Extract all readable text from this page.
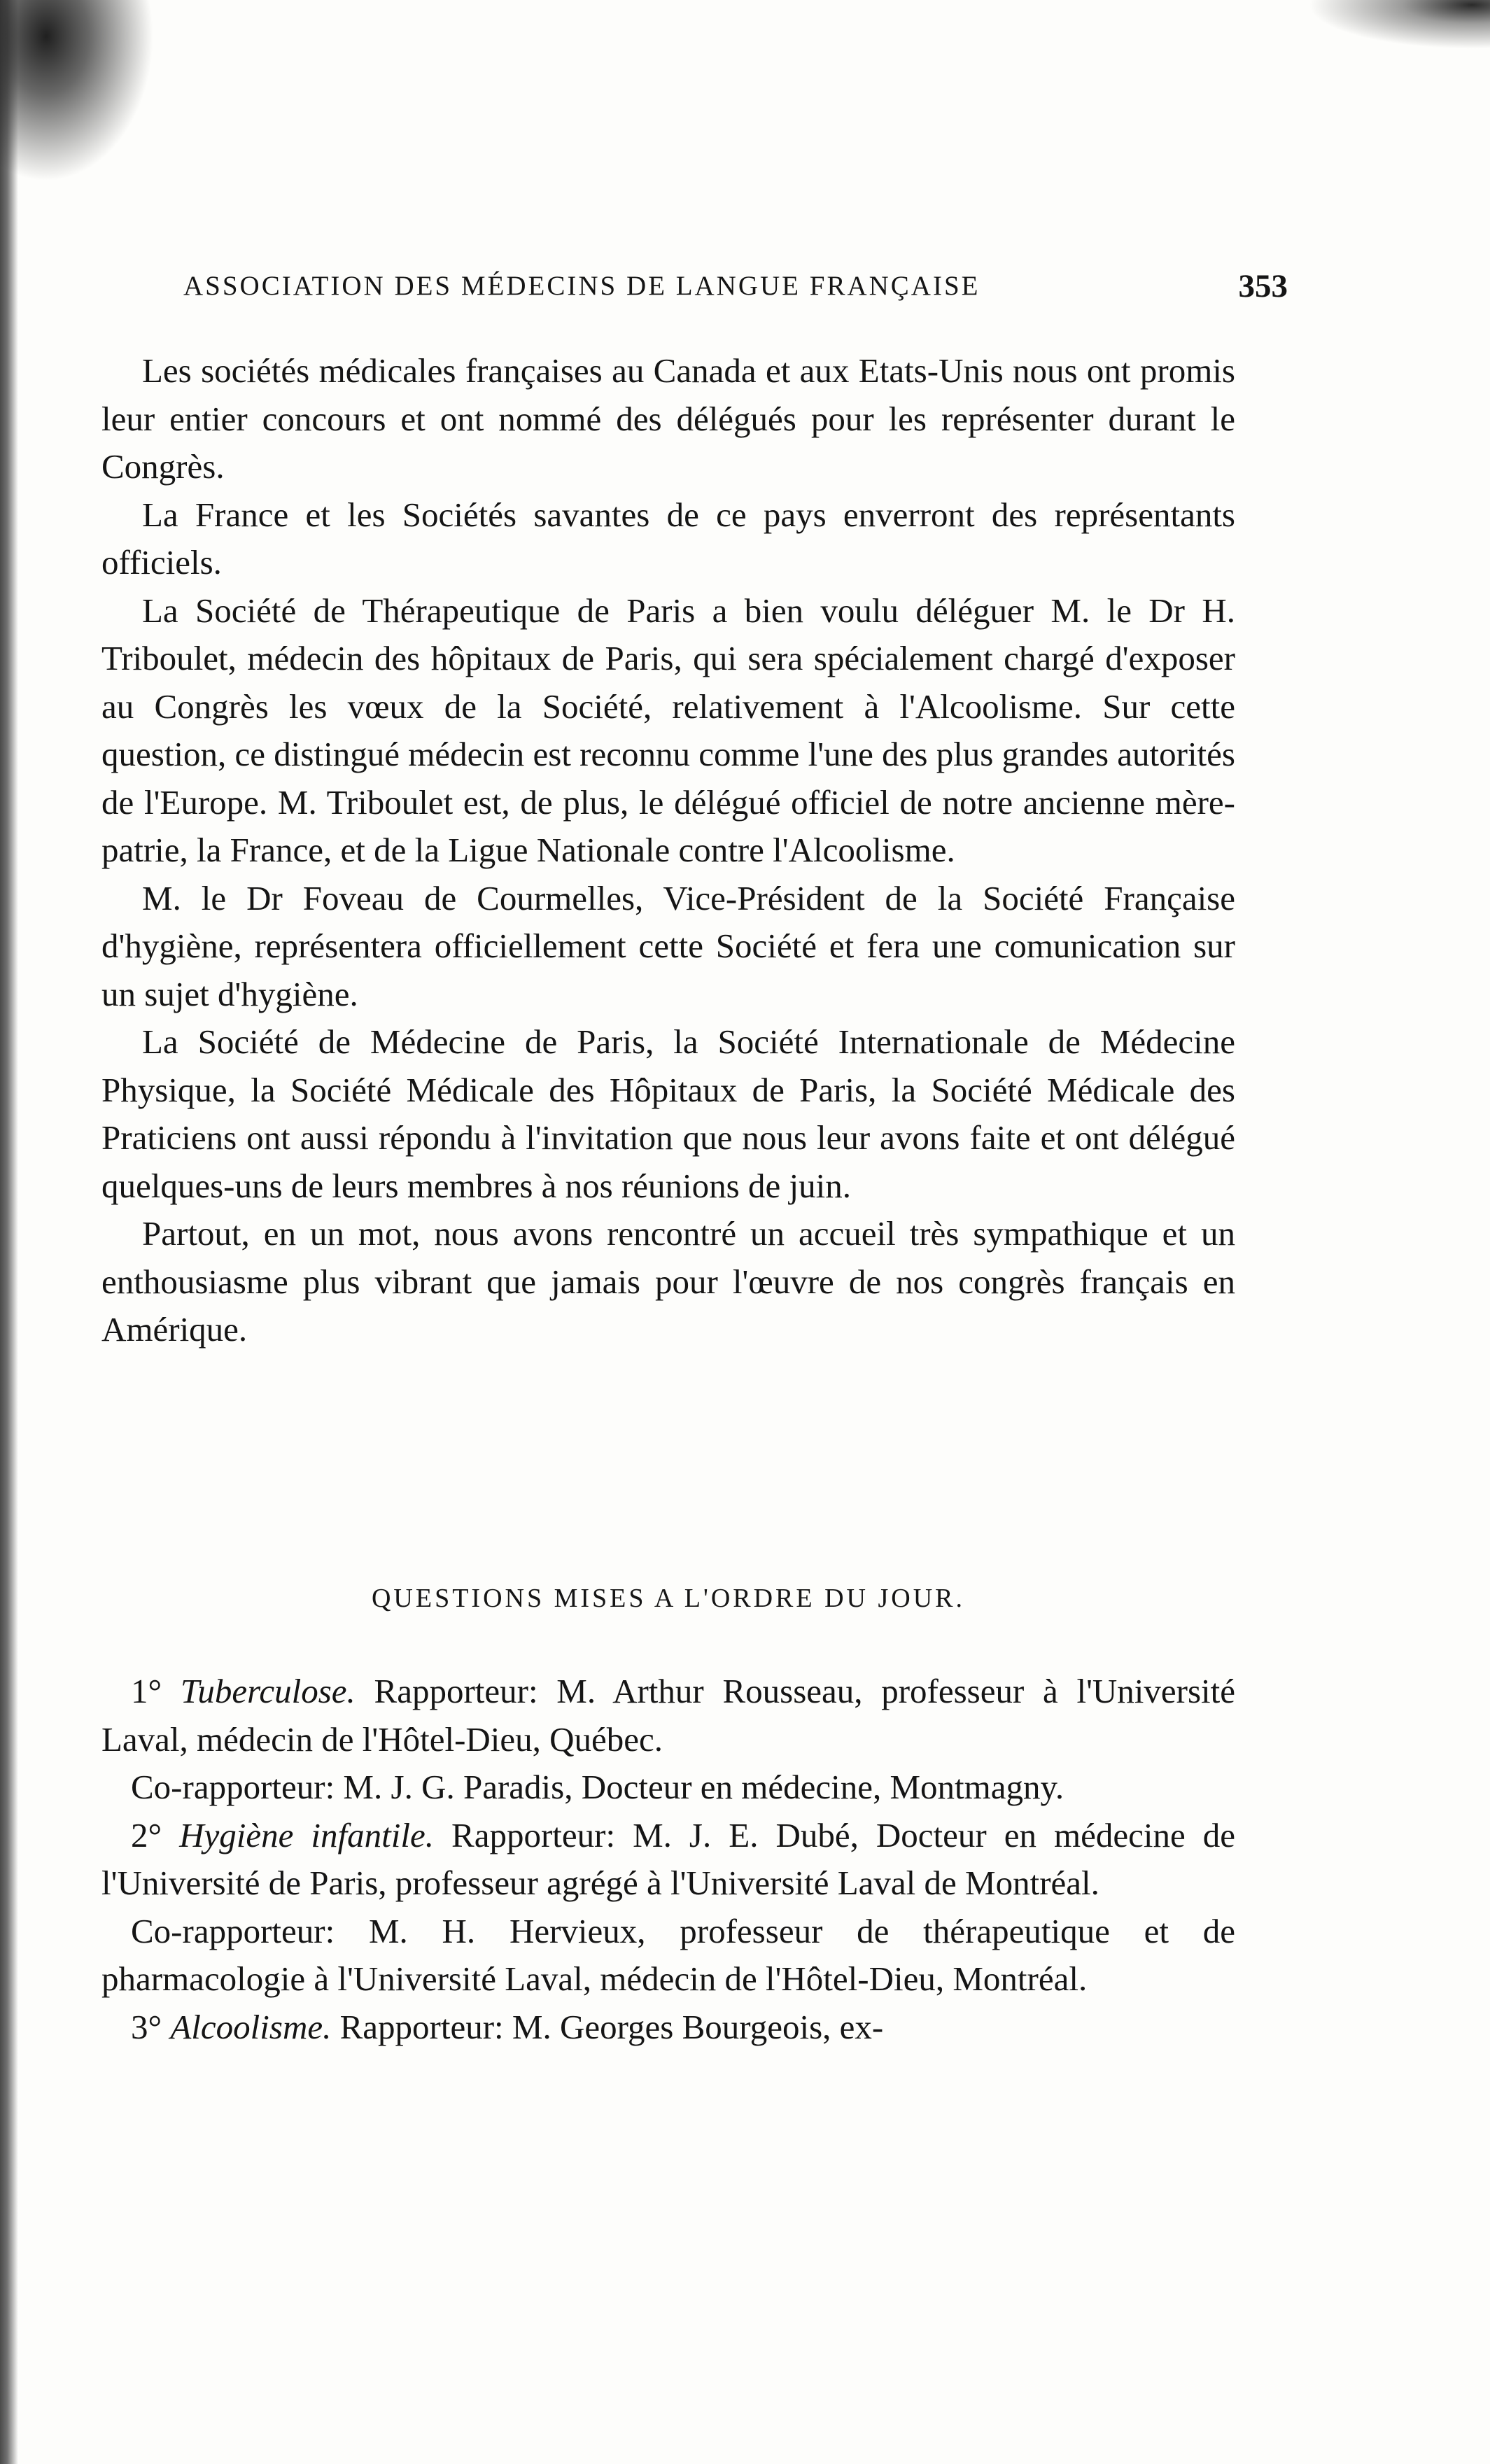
ASSOCIATION DES MÉDECINS DE LANGUE FRANÇAISE	353

Les sociétés médicales françaises au Canada et aux Etats-Unis nous ont promis leur entier concours et ont nommé des délégués pour les représenter durant le Congrès.

La France et les Sociétés savantes de ce pays enverront des représentants officiels.

La Société de Thérapeutique de Paris a bien voulu déléguer M. le Dr H. Triboulet, médecin des hôpitaux de Paris, qui sera spécialement chargé d'exposer au Congrès les vœux de la Société, relativement à l'Alcoolisme. Sur cette question, ce distingué médecin est reconnu comme l'une des plus grandes autorités de l'Europe. M. Triboulet est, de plus, le délégué officiel de notre ancienne mère-patrie, la France, et de la Ligue Nationale contre l'Alcoolisme.

M. le Dr Foveau de Courmelles, Vice-Président de la Société Française d'hygiène, représentera officiellement cette Société et fera une comunication sur un sujet d'hygiène.

La Société de Médecine de Paris, la Société Internationale de Médecine Physique, la Société Médicale des Hôpitaux de Paris, la Société Médicale des Praticiens ont aussi répondu à l'invitation que nous leur avons faite et ont délégué quelques-uns de leurs membres à nos réunions de juin.

Partout, en un mot, nous avons rencontré un accueil très sympathique et un enthousiasme plus vibrant que jamais pour l'œuvre de nos congrès français en Amérique.

QUESTIONS MISES A L'ORDRE DU JOUR.

1° Tuberculose. Rapporteur: M. Arthur Rousseau, professeur à l'Université Laval, médecin de l'Hôtel-Dieu, Québec.

Co-rapporteur: M. J. G. Paradis, Docteur en médecine, Montmagny.

2° Hygiène infantile. Rapporteur: M. J. E. Dubé, Docteur en médecine de l'Université de Paris, professeur agrégé à l'Université Laval de Montréal.

Co-rapporteur: M. H. Hervieux, professeur de thérapeutique et de pharmacologie à l'Université Laval, médecin de l'Hôtel-Dieu, Montréal.

3° Alcoolisme. Rapporteur: M. Georges Bourgeois, ex-
